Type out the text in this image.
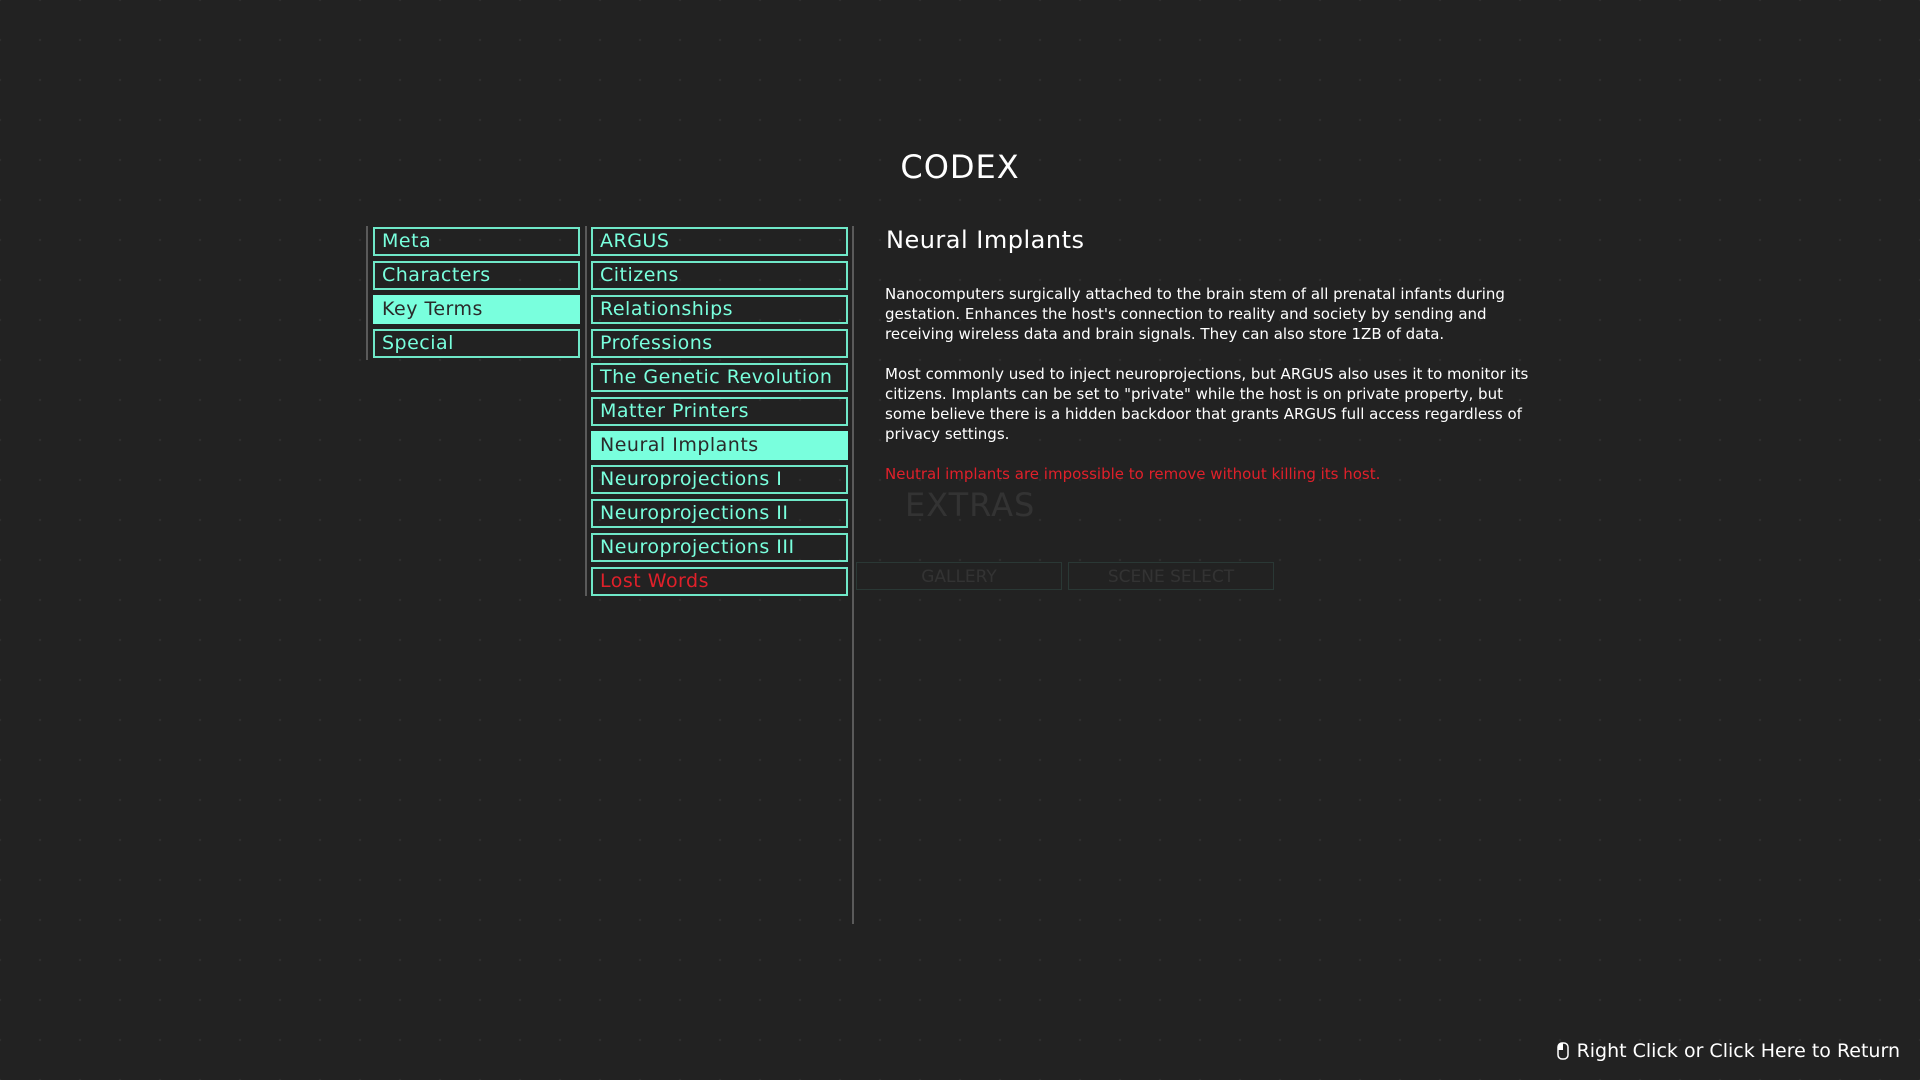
CODEX
EXTRAS
GALLERY	SCENE SELECT
Meta
Characters
Key Terms
Special
ARGUS
Citizens
Relationships
Professions
The Genetic Revolution
Matter Printers
Neural Implants
Neuroprojections I
Neuroprojections II
Neuroprojections III
Lost Words
Neural Implants

Nanocomputers surgically attached to the brain stem of all prenatal infants during gestation. Enhances the host's connection to reality and society by sending and receiving wireless data and brain signals. They can also store 1ZB of data.

Most commonly used to inject neuroprojections, but ARGUS also uses it to monitor its citizens. Implants can be set to "private" while the host is on private property, but some believe there is a hidden backdoor that grants ARGUS full access regardless of privacy settings.

Neutral implants are impossible to remove without killing its host.

Right Click or Click Here to Return
